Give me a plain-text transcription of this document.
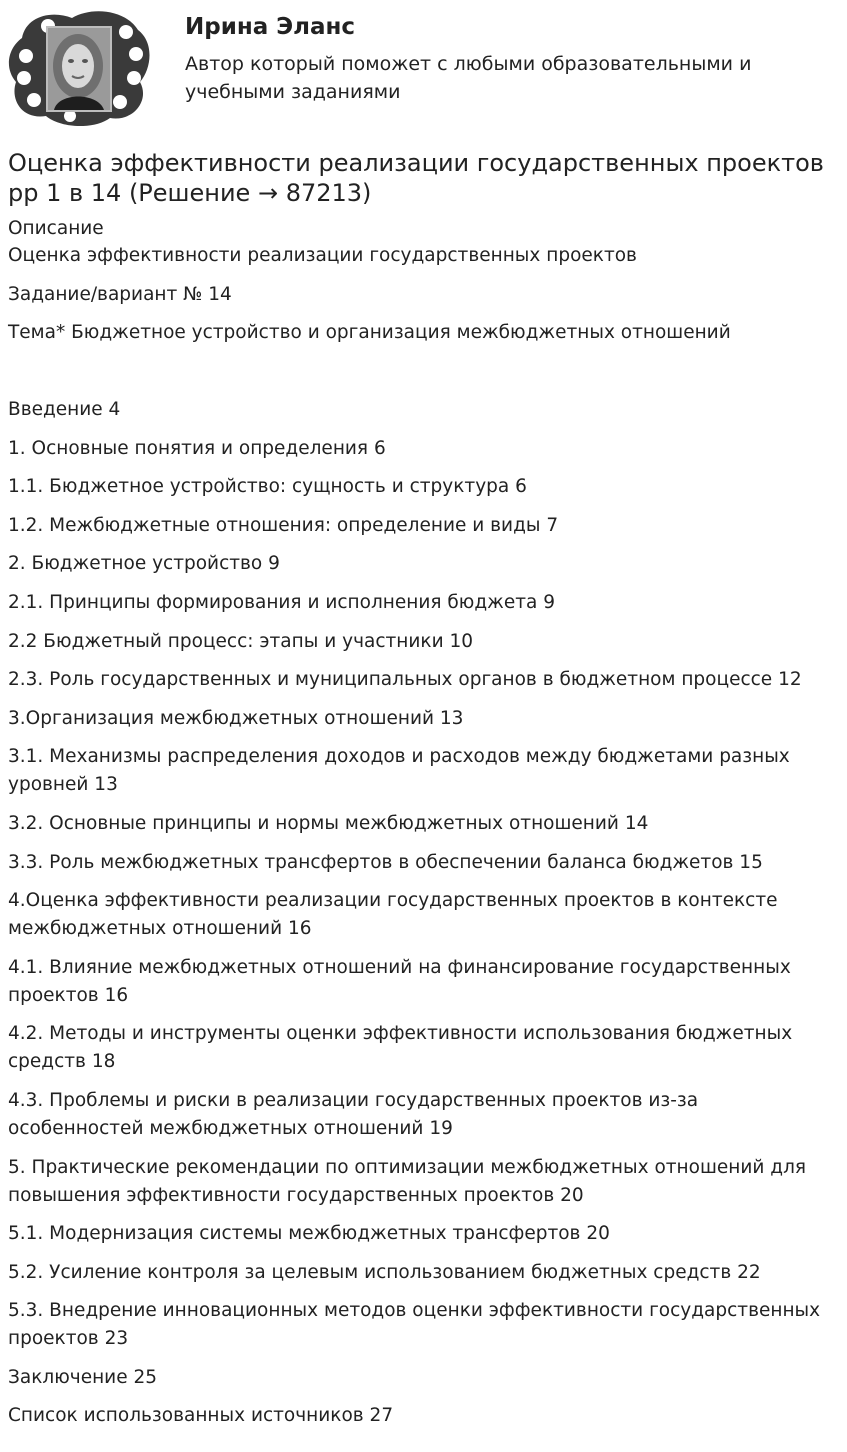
Ирина Эланс
Автор который поможет с любыми образовательными и учебными заданиями
Оценка эффективности реализации государственных проектов рр 1 в 14 (Решение → 87213)
Описание
Оценка эффективности реализации государственных проектов
Задание/вариант № 14
Тема* Бюджетное устройство и организация межбюджетных отношений
Введение 4
1. Основные понятия и определения 6
1.1. Бюджетное устройство: сущность и структура 6
1.2. Межбюджетные отношения: определение и виды 7
2. Бюджетное устройство 9
2.1. Принципы формирования и исполнения бюджета 9
2.2 Бюджетный процесс: этапы и участники 10
2.3. Роль государственных и муниципальных органов в бюджетном процессе 12
3.Организация межбюджетных отношений 13
3.1. Механизмы распределения доходов и расходов между бюджетами разных уровней 13
3.2. Основные принципы и нормы межбюджетных отношений 14
3.3. Роль межбюджетных трансфертов в обеспечении баланса бюджетов 15
4.Оценка эффективности реализации государственных проектов в контексте межбюджетных отношений 16
4.1. Влияние межбюджетных отношений на финансирование государственных проектов 16
4.2. Методы и инструменты оценки эффективности использования бюджетных средств 18
4.3. Проблемы и риски в реализации государственных проектов из-за особенностей межбюджетных отношений 19
5. Практические рекомендации по оптимизации межбюджетных отношений для повышения эффективности государственных проектов 20
5.1. Модернизация системы межбюджетных трансфертов 20
5.2. Усиление контроля за целевым использованием бюджетных средств 22
5.3. Внедрение инновационных методов оценки эффективности государственных проектов 23
Заключение 25
Список использованных источников 27
